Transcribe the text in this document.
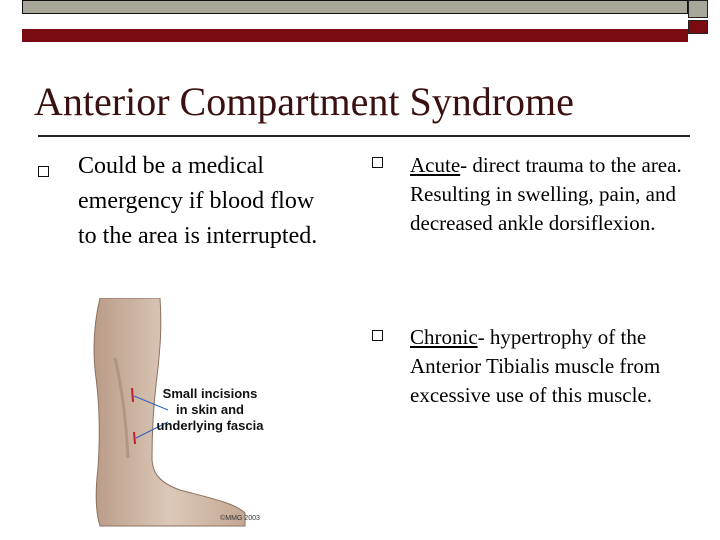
Anterior Compartment Syndrome
Could be a medical emergency if blood flow to the area is interrupted.
Acute- direct trauma to the area. Resulting in swelling, pain, and decreased ankle dorsiflexion.
Chronic- hypertrophy of the Anterior Tibialis muscle from excessive use of this muscle.
Small incisions
in skin and
underlying fascia
©MMG 2003
